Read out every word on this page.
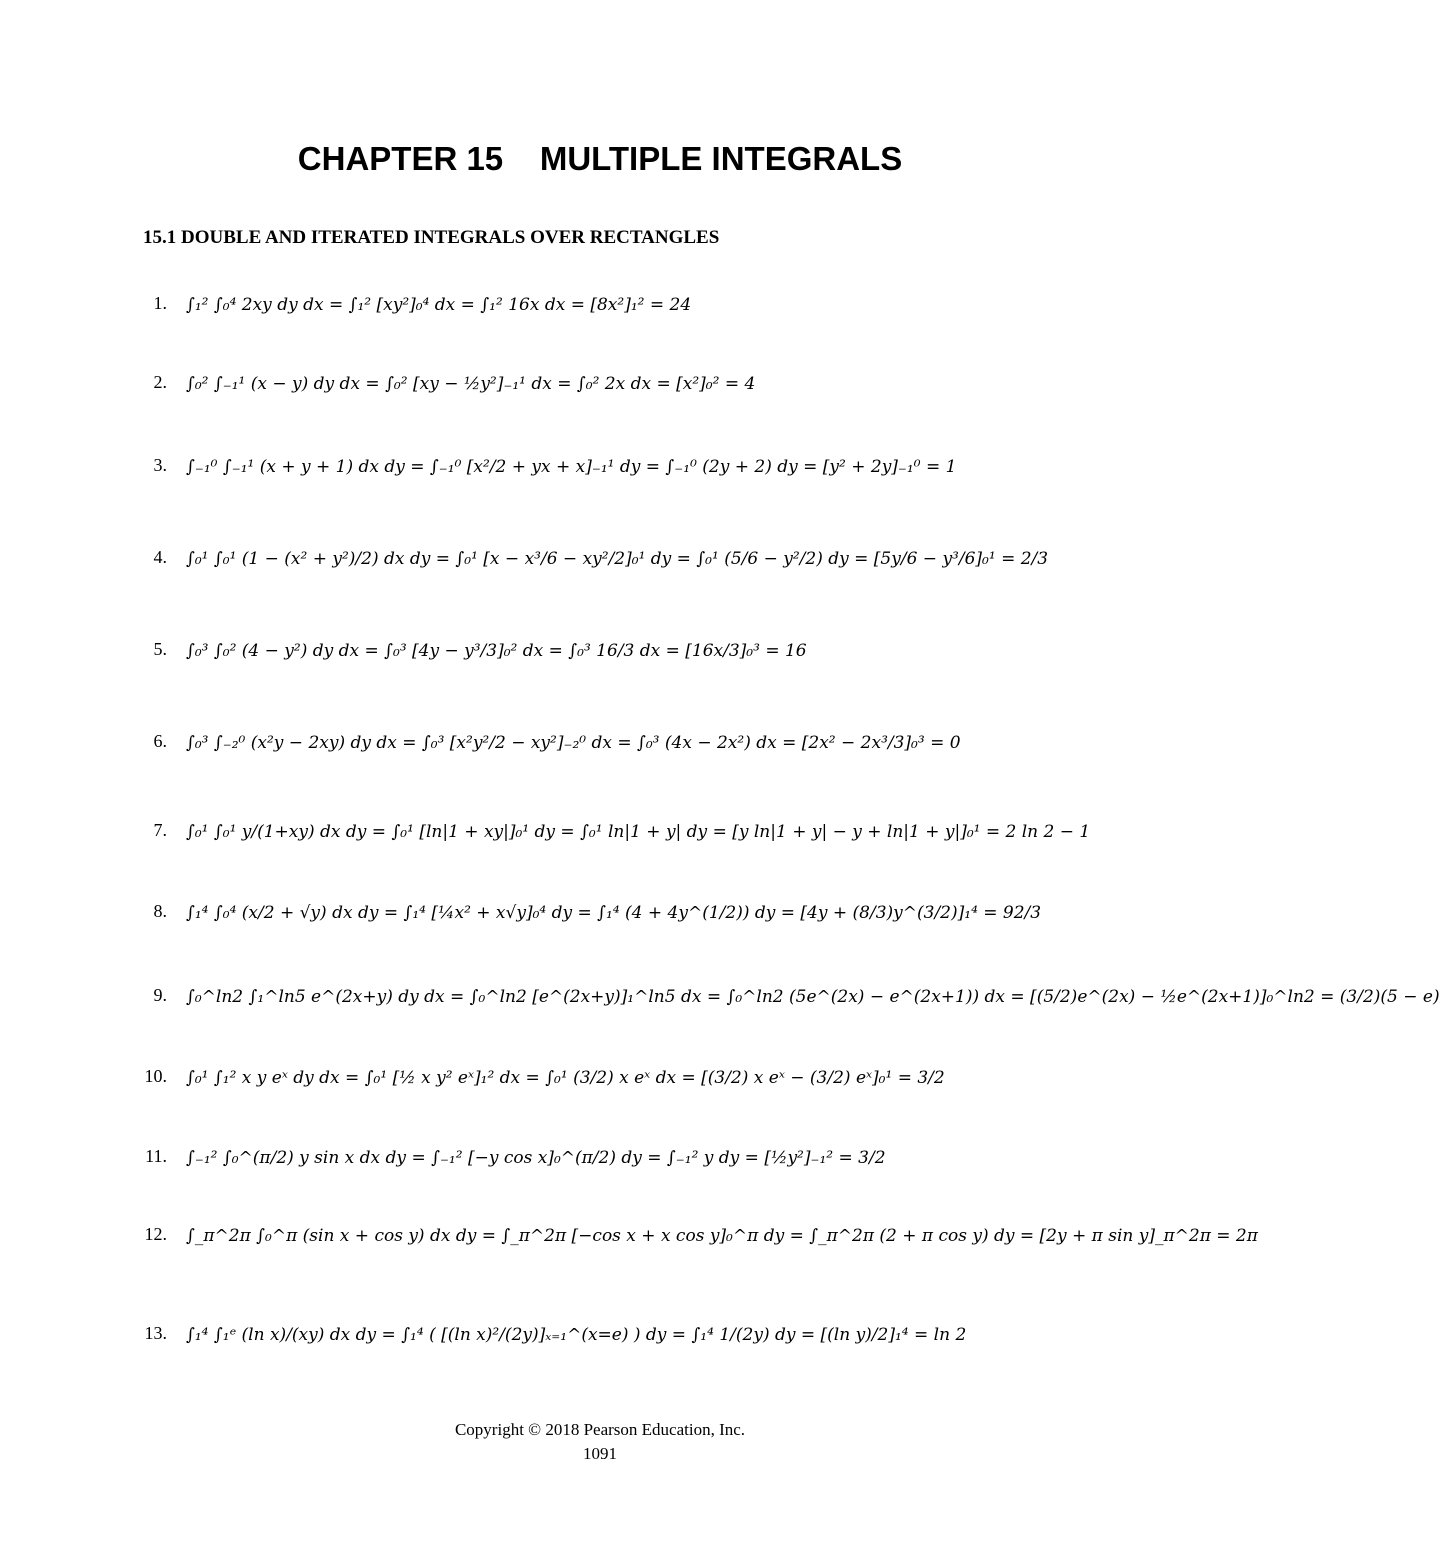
CHAPTER 15    MULTIPLE INTEGRALS
15.1 DOUBLE AND ITERATED INTEGRALS OVER RECTANGLES
1. ∫₁² ∫₀⁴ 2xy dy dx = ∫₁² [xy²]₀⁴ dx = ∫₁² 16x dx = [8x²]₁² = 24
2. ∫₀² ∫₋₁¹ (x − y) dy dx = ∫₀² [xy − ½y²]₋₁¹ dx = ∫₀² 2x dx = [x²]₀² = 4
3. ∫₋₁⁰ ∫₋₁¹ (x + y + 1) dx dy = ∫₋₁⁰ [x²/2 + yx + x]₋₁¹ dy = ∫₋₁⁰ (2y + 2) dy = [y² + 2y]₋₁⁰ = 1
4. ∫₀¹ ∫₀¹ (1 − (x² + y²)/2) dx dy = ∫₀¹ [x − x³/6 − xy²/2]₀¹ dy = ∫₀¹ (5/6 − y²/2) dy = [5y/6 − y³/6]₀¹ = 2/3
5. ∫₀³ ∫₀² (4 − y²) dy dx = ∫₀³ [4y − y³/3]₀² dx = ∫₀³ 16/3 dx = [16x/3]₀³ = 16
6. ∫₀³ ∫₋₂⁰ (x²y − 2xy) dy dx = ∫₀³ [x²y²/2 − xy²]₋₂⁰ dx = ∫₀³ (4x − 2x²) dx = [2x² − 2x³/3]₀³ = 0
7. ∫₀¹ ∫₀¹ y/(1+xy) dx dy = ∫₀¹ [ln|1 + xy|]₀¹ dy = ∫₀¹ ln|1 + y| dy = [y ln|1 + y| − y + ln|1 + y|]₀¹ = 2 ln 2 − 1
8. ∫₁⁴ ∫₀⁴ (x/2 + √y) dx dy = ∫₁⁴ [¼x² + x√y]₀⁴ dy = ∫₁⁴ (4 + 4y^(1/2)) dy = [4y + (8/3)y^(3/2)]₁⁴ = 92/3
9. ∫₀^ln2 ∫₁^ln5 e^(2x+y) dy dx = ∫₀^ln2 [e^(2x+y)]₁^ln5 dx = ∫₀^ln2 (5e^(2x) − e^(2x+1)) dx = [(5/2)e^(2x) − ½e^(2x+1)]₀^ln2 = (3/2)(5 − e)
10. ∫₀¹ ∫₁² x y eˣ dy dx = ∫₀¹ [½ x y² eˣ]₁² dx = ∫₀¹ (3/2) x eˣ dx = [(3/2) x eˣ − (3/2) eˣ]₀¹ = 3/2
11. ∫₋₁² ∫₀^(π/2) y sin x dx dy = ∫₋₁² [−y cos x]₀^(π/2) dy = ∫₋₁² y dy = [½y²]₋₁² = 3/2
12. ∫_π^2π ∫₀^π (sin x + cos y) dx dy = ∫_π^2π [−cos x + x cos y]₀^π dy = ∫_π^2π (2 + π cos y) dy = [2y + π sin y]_π^2π = 2π
13. ∫₁⁴ ∫₁ᵉ (ln x)/(xy) dx dy = ∫₁⁴ ( [(ln x)²/(2y)]ₓ₌₁^(x=e) ) dy = ∫₁⁴ 1/(2y) dy = [(ln y)/2]₁⁴ = ln 2
Copyright © 2018 Pearson Education, Inc.
1091
